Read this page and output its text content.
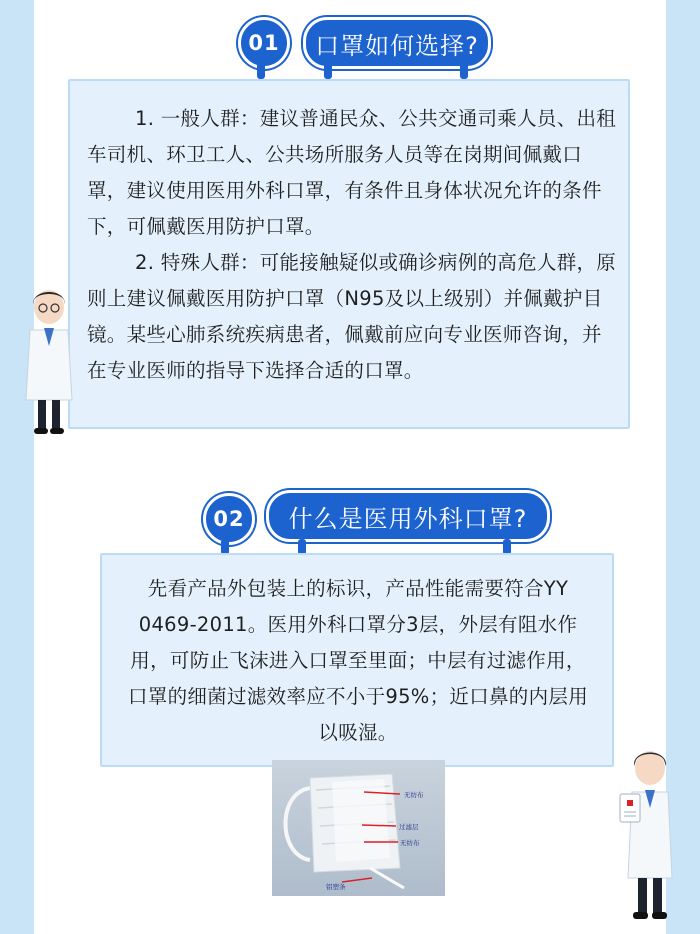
01	口罩如何选择?

1. 一般人群：建议普通民众、公共交通司乘人员、出租车司机、环卫工人、公共场所服务人员等在岗期间佩戴口罩，建议使用医用外科口罩，有条件且身体状况允许的条件下，可佩戴医用防护口罩。

2. 特殊人群：可能接触疑似或确诊病例的高危人群，原则上建议佩戴医用防护口罩（N95及以上级别）并佩戴护目镜。某些心肺系统疾病患者，佩戴前应向专业医师咨询，并在专业医师的指导下选择合适的口罩。

02	什么是医用外科口罩?

先看产品外包装上的标识，产品性能需要符合YY 0469-2011。医用外科口罩分3层，外层有阻水作用，可防止飞沫进入口罩至里面；中层有过滤作用，口罩的细菌过滤效率应不小于95%；近口鼻的内层用以吸湿。

无纺布
过滤层
无纺布
铝塑条
